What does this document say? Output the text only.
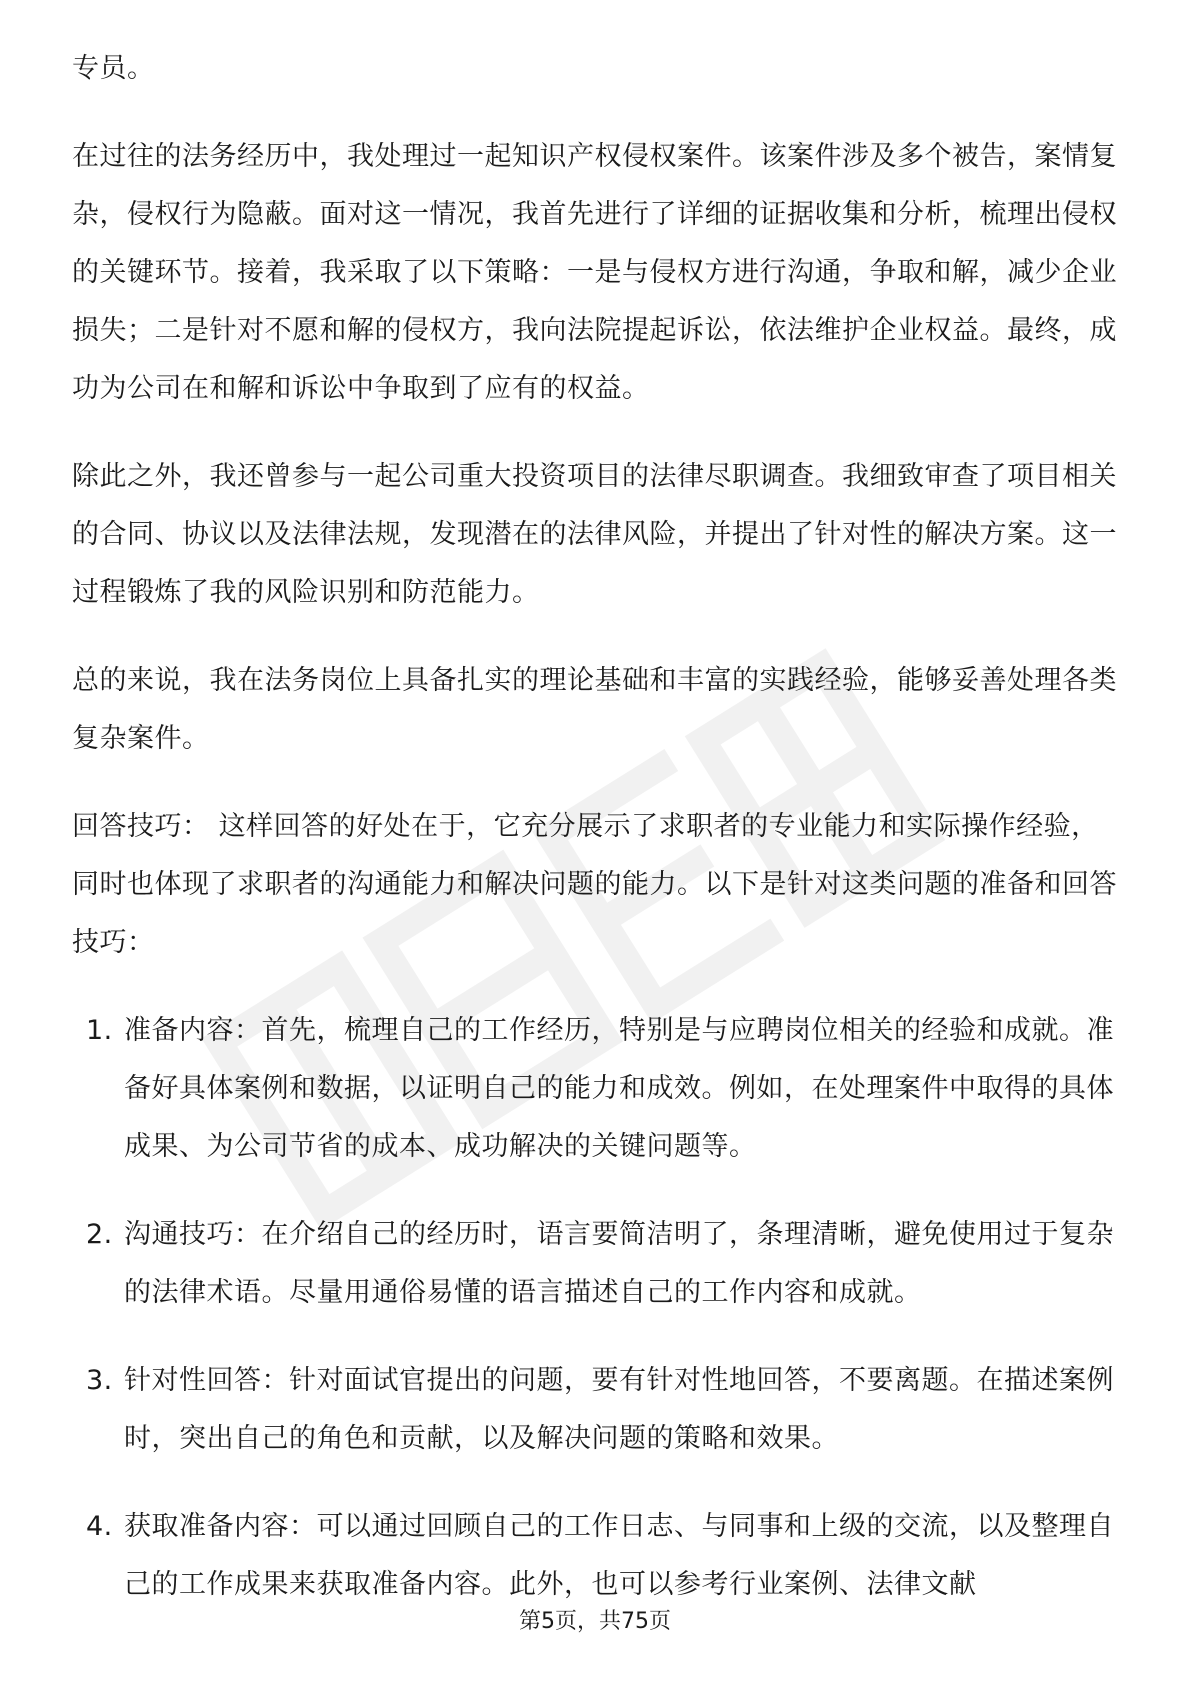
专员。

在过往的法务经历中，我处理过一起知识产权侵权案件。该案件涉及多个被告，案情复杂，侵权行为隐蔽。面对这一情况，我首先进行了详细的证据收集和分析，梳理出侵权的关键环节。接着，我采取了以下策略：一是与侵权方进行沟通，争取和解，减少企业损失；二是针对不愿和解的侵权方，我向法院提起诉讼，依法维护企业权益。最终，成功为公司在和解和诉讼中争取到了应有的权益。

除此之外，我还曾参与一起公司重大投资项目的法律尽职调查。我细致审查了项目相关的合同、协议以及法律法规，发现潜在的法律风险，并提出了针对性的解决方案。这一过程锻炼了我的风险识别和防范能力。

总的来说，我在法务岗位上具备扎实的理论基础和丰富的实践经验，能够妥善处理各类复杂案件。

回答技巧： 这样回答的好处在于，它充分展示了求职者的专业能力和实际操作经验，同时也体现了求职者的沟通能力和解决问题的能力。以下是针对这类问题的准备和回答技巧：

1. 准备内容：首先，梳理自己的工作经历，特别是与应聘岗位相关的经验和成就。准备好具体案例和数据，以证明自己的能力和成效。例如，在处理案件中取得的具体成果、为公司节省的成本、成功解决的关键问题等。
2. 沟通技巧：在介绍自己的经历时，语言要简洁明了，条理清晰，避免使用过于复杂的法律术语。尽量用通俗易懂的语言描述自己的工作内容和成就。
3. 针对性回答：针对面试官提出的问题，要有针对性地回答，不要离题。在描述案例时，突出自己的角色和贡献，以及解决问题的策略和效果。
4. 获取准备内容：可以通过回顾自己的工作日志、与同事和上级的交流，以及整理自己的工作成果来获取准备内容。此外，也可以参考行业案例、法律文献
第5页，共75页
